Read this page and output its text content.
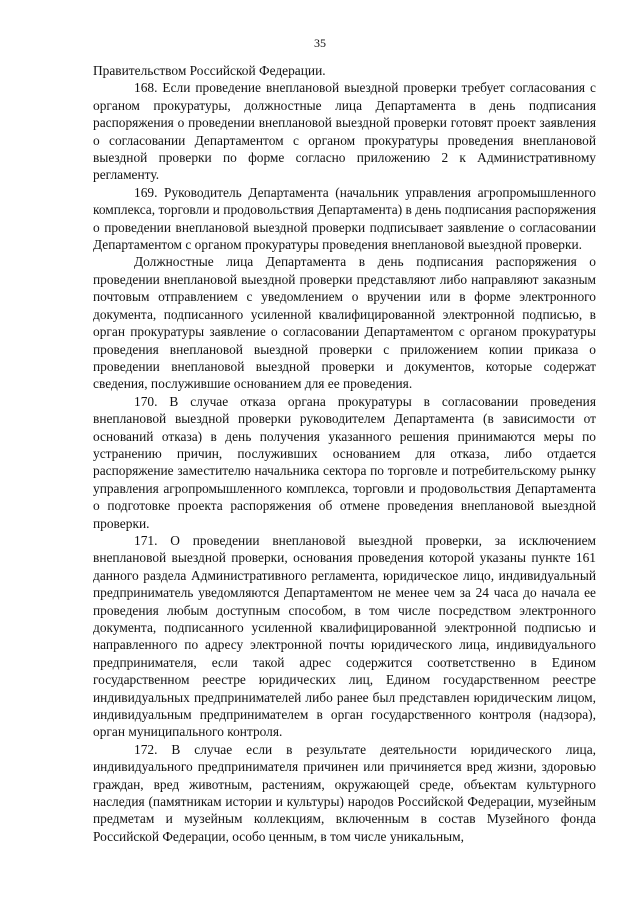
35

Правительством Российской Федерации.

168. Если проведение внеплановой выездной проверки требует согласования с органом прокуратуры, должностные лица Департамента в день подписания распоряжения о проведении внеплановой выездной проверки готовят проект заявления о согласовании Департаментом с органом прокуратуры проведения внеплановой выездной проверки по форме согласно приложению 2 к Административному регламенту.

169. Руководитель Департамента (начальник управления агропромышленного комплекса, торговли и продовольствия Департамента) в день подписания распоряжения о проведении внеплановой выездной проверки подписывает заявление о согласовании Департаментом с органом прокуратуры проведения внеплановой выездной проверки.

Должностные лица Департамента в день подписания распоряжения о проведении внеплановой выездной проверки представляют либо направляют заказным почтовым отправлением с уведомлением о вручении или в форме электронного документа, подписанного усиленной квалифицированной электронной подписью, в орган прокуратуры заявление о согласовании Департаментом с органом прокуратуры проведения внеплановой выездной проверки с приложением копии приказа о проведении внеплановой выездной проверки и документов, которые содержат сведения, послужившие основанием для ее проведения.

170. В случае отказа органа прокуратуры в согласовании проведения внеплановой выездной проверки руководителем Департамента (в зависимости от оснований отказа) в день получения указанного решения принимаются меры по устранению причин, послуживших основанием для отказа, либо отдается распоряжение заместителю начальника сектора по торговле и потребительскому рынку управления агропромышленного комплекса, торговли и продовольствия Департамента о подготовке проекта распоряжения об отмене проведения внеплановой выездной проверки.

171. О проведении внеплановой выездной проверки, за исключением внеплановой выездной проверки, основания проведения которой указаны пункте 161 данного раздела Административного регламента, юридическое лицо, индивидуальный предприниматель уведомляются Департаментом не менее чем за 24 часа до начала ее проведения любым доступным способом, в том числе посредством электронного документа, подписанного усиленной квалифицированной электронной подписью и направленного по адресу электронной почты юридического лица, индивидуального предпринимателя, если такой адрес содержится соответственно в Едином государственном реестре юридических лиц, Едином государственном реестре индивидуальных предпринимателей либо ранее был представлен юридическим лицом, индивидуальным предпринимателем в орган государственного контроля (надзора), орган муниципального контроля.

172. В случае если в результате деятельности юридического лица, индивидуального предпринимателя причинен или причиняется вред жизни, здоровью граждан, вред животным, растениям, окружающей среде, объектам культурного наследия (памятникам истории и культуры) народов Российской Федерации, музейным предметам и музейным коллекциям, включенным в состав Музейного фонда Российской Федерации, особо ценным, в том числе уникальным,
